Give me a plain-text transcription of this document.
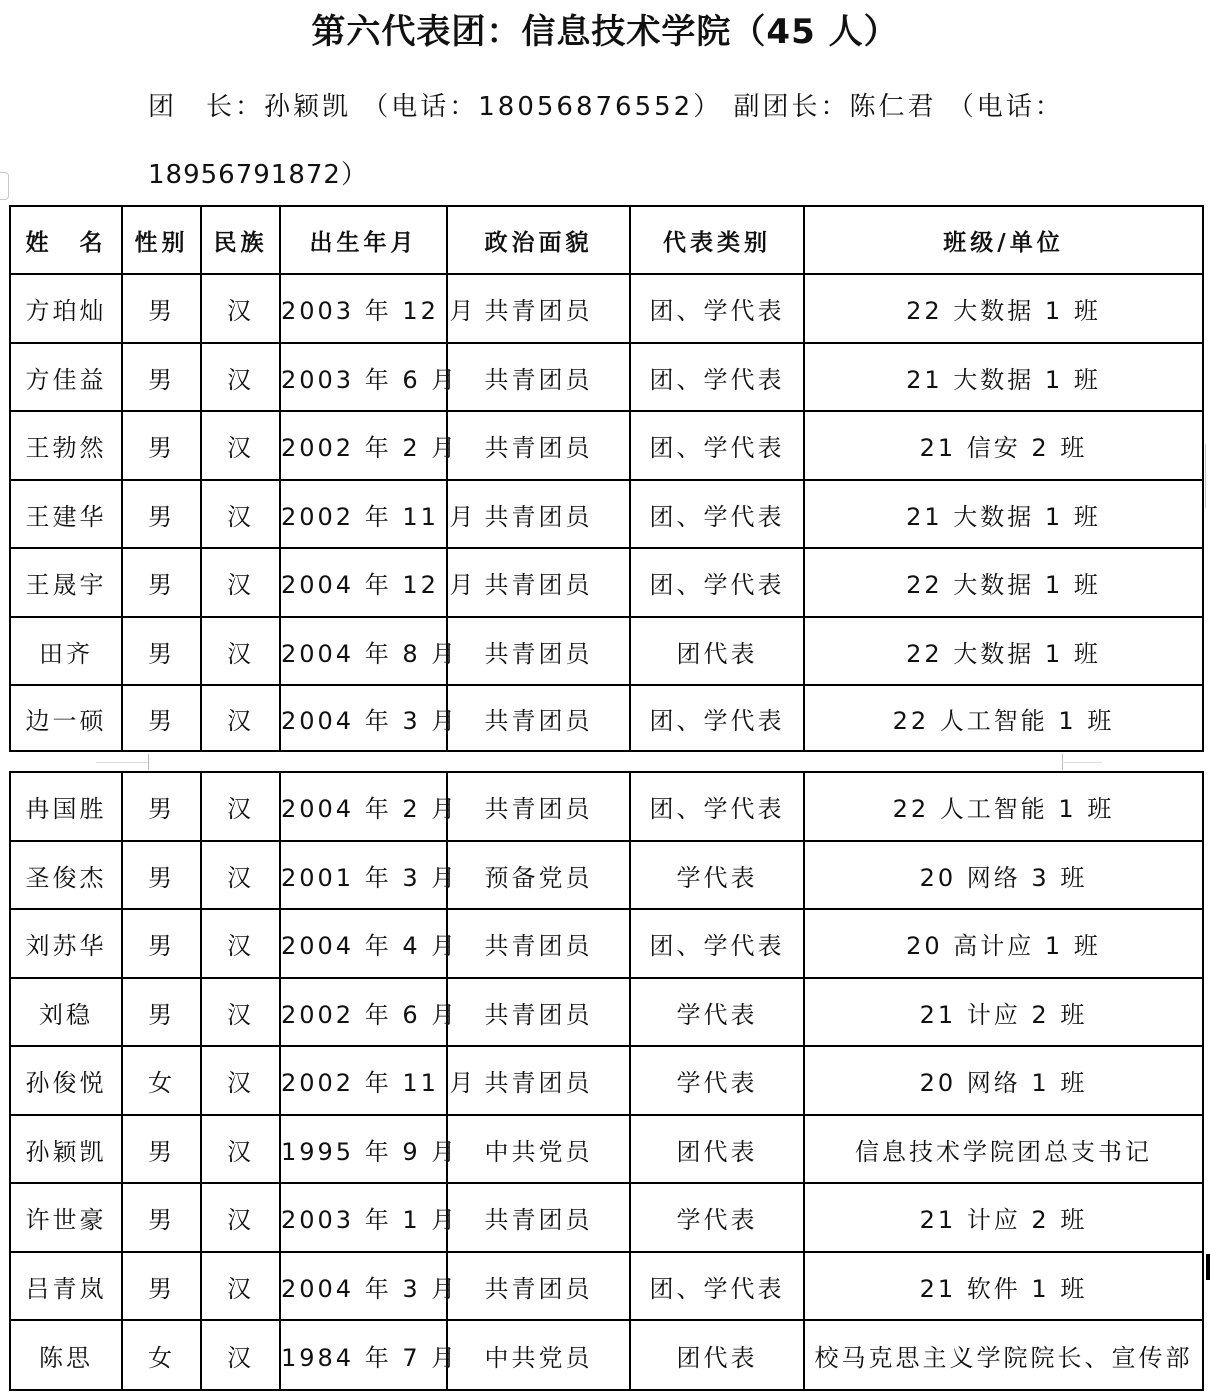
第六代表团：信息技术学院（45 人）
团　长：孙颖凯 （电话：18056876552） 副团长：陈仁君 （电话：
18956791872）
姓　名	性别	民族	出生年月	政治面貌	代表类别	班级/单位
方珀灿	男	汉	2003 年 12 月	共青团员	团、学代表	22 大数据 1 班
方佳益	男	汉	2003 年 6 月	共青团员	团、学代表	21 大数据 1 班
王勃然	男	汉	2002 年 2 月	共青团员	团、学代表	21 信安 2 班
王建华	男	汉	2002 年 11 月	共青团员	团、学代表	21 大数据 1 班
王晟宇	男	汉	2004 年 12 月	共青团员	团、学代表	22 大数据 1 班
田齐	男	汉	2004 年 8 月	共青团员	团代表	22 大数据 1 班
边一硕	男	汉	2004 年 3 月	共青团员	团、学代表	22 人工智能 1 班
冉国胜	男	汉	2004 年 2 月	共青团员	团、学代表	22 人工智能 1 班
圣俊杰	男	汉	2001 年 3 月	预备党员	学代表	20 网络 3 班
刘苏华	男	汉	2004 年 4 月	共青团员	团、学代表	20 高计应 1 班
刘稳	男	汉	2002 年 6 月	共青团员	学代表	21 计应 2 班
孙俊悦	女	汉	2002 年 11 月	共青团员	学代表	20 网络 1 班
孙颖凯	男	汉	1995 年 9 月	中共党员	团代表	信息技术学院团总支书记
许世豪	男	汉	2003 年 1 月	共青团员	学代表	21 计应 2 班
吕青岚	男	汉	2004 年 3 月	共青团员	团、学代表	21 软件 1 班
陈思	女	汉	1984 年 7 月	中共党员	团代表	校马克思主义学院院长、宣传部
